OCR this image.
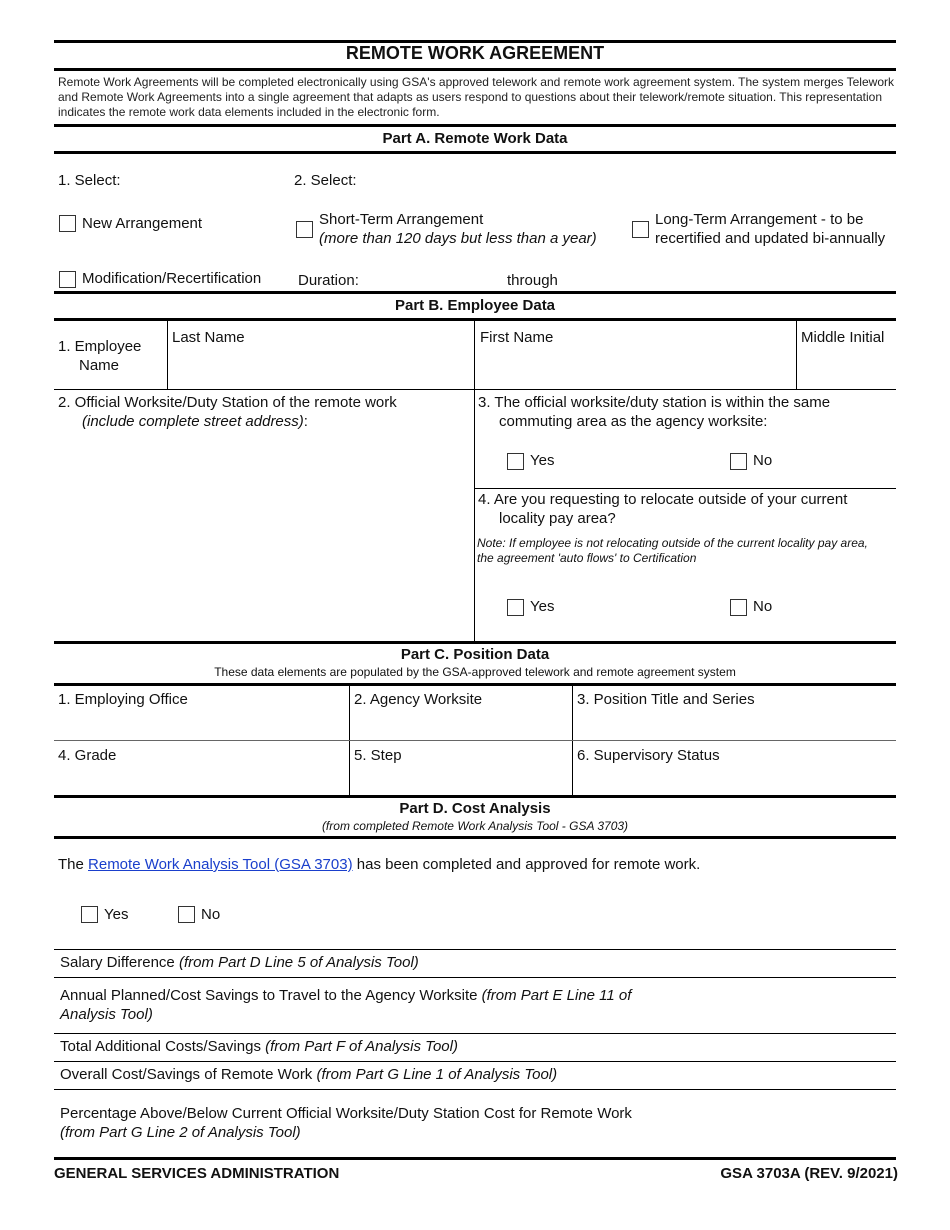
REMOTE WORK AGREEMENT
Remote Work Agreements will be completed electronically using GSA's approved telework and remote work agreement system. The system merges Telework and Remote Work Agreements into a single agreement that adapts as users respond to questions about their telework/remote situation. This representation indicates the remote work data elements included in the electronic form.
Part A. Remote Work Data
1. Select:	2. Select:
New Arrangement	Short-Term Arrangement
(more than 120 days but less than a year)
Long-Term Arrangement - to be
recertified and updated bi-annually
Modification/Recertification Duration:	through
Part B. Employee Data
1. Employee
Name
Last Name	First Name	Middle Initial
2. Official Worksite/Duty Station of the remote work
(include complete street address):
3. The official worksite/duty station is within the same
commuting area as the agency worksite:
Yes	No
4. Are you requesting to relocate outside of your current
locality pay area?
Note: If employee is not relocating outside of the current locality pay area,
the agreement 'auto flows' to Certification
Yes	No
Part C. Position Data
These data elements are populated by the GSA-approved telework and remote agreement system
1. Employing Office	2. Agency Worksite	3. Position Title and Series
4. Grade	5. Step	6. Supervisory Status
Part D. Cost Analysis
(from completed Remote Work Analysis Tool - GSA 3703)
The Remote Work Analysis Tool (GSA 3703) has been completed and approved for remote work.
Yes	No
Salary Difference (from Part D Line 5 of Analysis Tool)
Annual Planned/Cost Savings to Travel to the Agency Worksite (from Part E Line 11 of
Analysis Tool)
Total Additional Costs/Savings (from Part F of Analysis Tool)
Overall Cost/Savings of Remote Work (from Part G Line 1 of Analysis Tool)
Percentage Above/Below Current Official Worksite/Duty Station Cost for Remote Work
(from Part G Line 2 of Analysis Tool)
GENERAL SERVICES ADMINISTRATION	GSA 3703A (REV. 9/2021)
